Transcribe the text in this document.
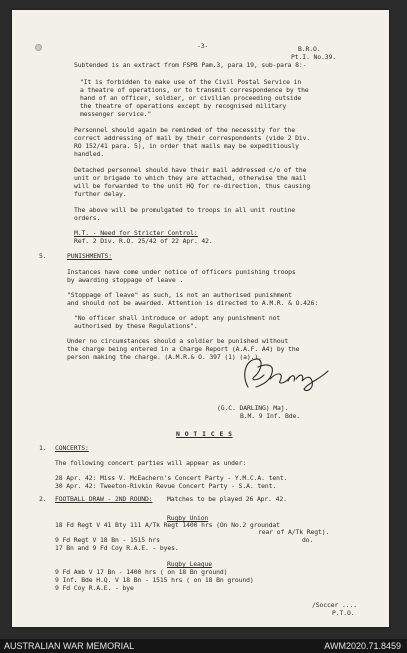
-3-	B.R.O.
Pt.I. No.39.
Subtended is an extract from FSPB Pam.3, para 19, sub-para 8:-
"It is forbidden to make use of the Civil Postal Service in
a theatre of operations, or to transmit correspondence by the
hand of an officer, soldier, or civilian proceeding outside
the theatre of operations except by recognised military
messenger service."
Personnel should again be reminded of the necessity for the
correct addressing of mail by their correspondents (vide 2 Div.
RO 152/41 para. 5), in order that mails may be expeditiously
handled.
Detached personnel should have their mail addressed c/o of the
unit or brigade to which they are attached, otherwise the mail
will be forwarded to the unit HQ for re-direction, thus causing
further delay.
The above will be promulgated to troops in all unit routine
orders.
M.T. - Need for Stricter Control:
Ref. 2 Div. R.O. 25/42 of 22 Apr. 42.
5.	PUNISHMENTS:
Instances have come under notice of officers punishing troops
by awarding stoppage of leave .
"Stoppage of leave" as such, is not an authorised punishment
and should not be awarded. Attention is directed to A.M.R. & O.426:
"No officer shall introduce or adopt any punishment not
authorised by these Regulations".
Under no circumstances should a soldier be punished without
the charge being entered in a Charge Report (A.A.F. A4) by the
person making the charge. (A.M.R.& O. 397 (1) (a).).
(G.C. DARLING) Maj.
B.M. 9 Inf. Bde.
N O T I C E S
1. CONCERTS:
The following concert parties will appear as under:
28 Apr. 42: Miss V. McEachern's Concert Party - Y.M.C.A. tent.
30 Apr. 42: Tweeton-Rivkin Revue Concert Party - S.A. tent.
2. FOOTBALL DRAW - 2ND ROUND: Matches to be played 26 Apr. 42.
Rugby Union
18 Fd Regt V 41 Bty 111 A/Tk Regt 1400 hrs (On No.2 groundat
rear of A/Tk Regt).
9 Fd Regt V 18 Bn - 1515 hrs	do.
17 Bn and 9 Fd Coy R.A.E. - byes.
Rugby League
9 Fd Amb V 17 Bn - 1400 hrs ( on 18 Bn ground)
9 Inf. Bde H.Q. V 18 Bn - 1515 hrs ( on 18 Bn ground)
9 Fd Coy R.A.E. - bye
/Soccer ....
P.T.O.
AUSTRALIAN WAR MEMORIAL	AWM2020.71.8459
